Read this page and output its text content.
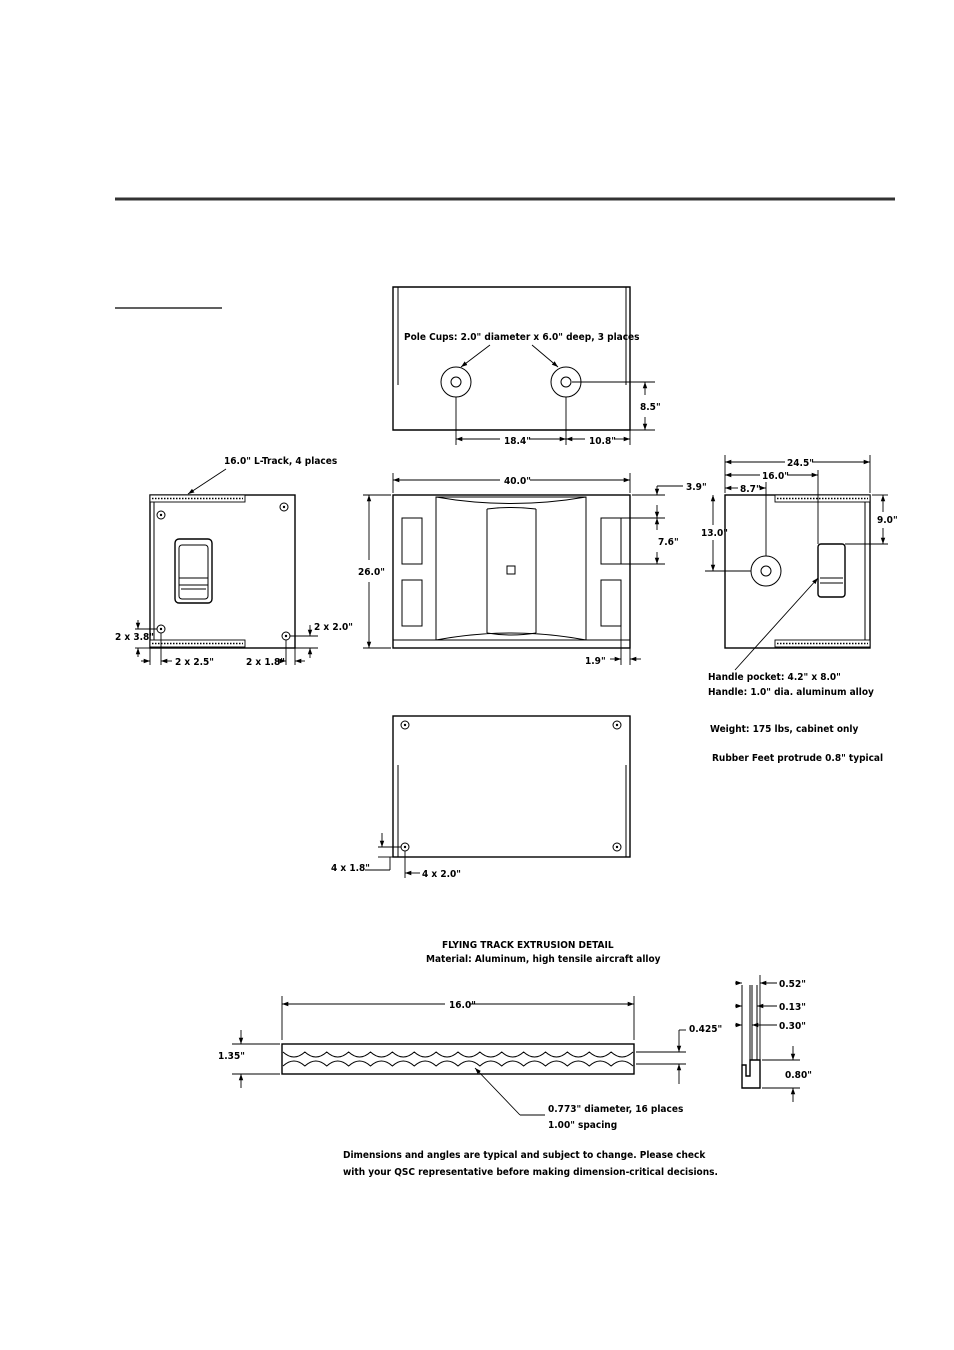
Pole Cups: 2.0" diameter x 6.0" deep, 3 places
8.5"
18.4"	10.8"
16.0" L-Track, 4 places
2 x 3.8"
2 x 2.5"	2 x 1.8"
2 x 2.0"
40.0"
26.0"
3.9"
7.6"
1.9"
24.5"
16.0"
8.7"
13.0"
9.0"
Handle pocket: 4.2" x 8.0"
Handle: 1.0" dia. aluminum alloy
Weight: 175 lbs, cabinet only
Rubber Feet protrude 0.8" typical
4 x 1.8"
4 x 2.0"
FLYING TRACK EXTRUSION DETAIL
Material: Aluminum, high tensile aircraft alloy
16.0"
1.35"
0.425"
0.773" diameter, 16 places
1.00" spacing
0.52"
0.13"
0.30"
0.80"
Dimensions and angles are typical and subject to change. Please check
with your QSC representative before making dimension-critical decisions.
